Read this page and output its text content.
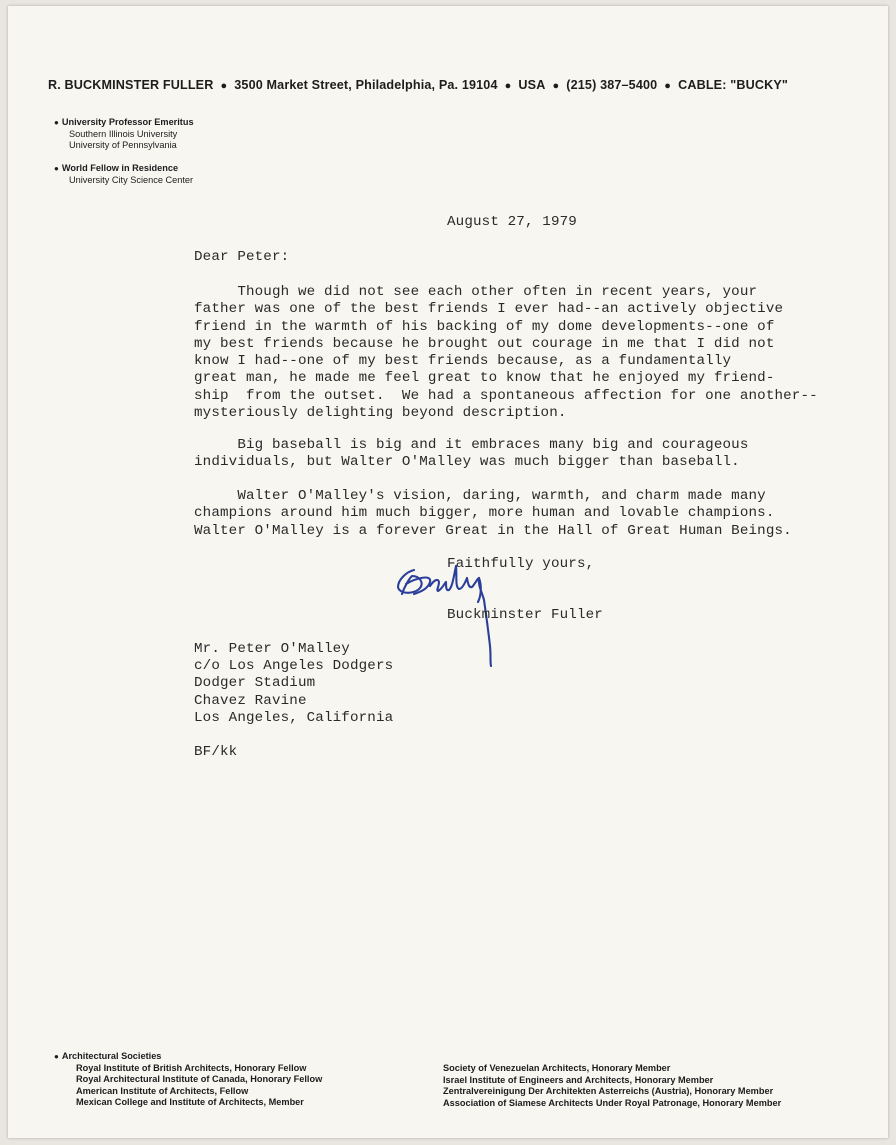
R. BUCKMINSTER FULLER ● 3500 Market Street, Philadelphia, Pa. 19104 ● USA ● (215) 387–5400 ● CABLE: "BUCKY"
● University Professor Emeritus
Southern Illinois University
University of Pennsylvania
● World Fellow in Residence
University City Science Center
August 27, 1979
Dear Peter:
Though we did not see each other often in recent years, your
father was one of the best friends I ever had--an actively objective
friend in the warmth of his backing of my dome developments--one of
my best friends because he brought out courage in me that I did not
know I had--one of my best friends because, as a fundamentally
great man, he made me feel great to know that he enjoyed my friend-
ship  from the outset.  We had a spontaneous affection for one another--
mysteriously delighting beyond description.
Big baseball is big and it embraces many big and courageous
individuals, but Walter O'Malley was much bigger than baseball.
Walter O'Malley's vision, daring, warmth, and charm made many
champions around him much bigger, more human and lovable champions.
Walter O'Malley is a forever Great in the Hall of Great Human Beings.
Faithfully yours,
Buckminster Fuller
Mr. Peter O'Malley
c/o Los Angeles Dodgers
Dodger Stadium
Chavez Ravine
Los Angeles, California
BF/kk
● Architectural Societies
Royal Institute of British Architects, Honorary Fellow
Royal Architectural Institute of Canada, Honorary Fellow
American Institute of Architects, Fellow
Mexican College and Institute of Architects, Member
Society of Venezuelan Architects, Honorary Member
Israel Institute of Engineers and Architects, Honorary Member
Zentralvereinigung Der Architekten Asterreichs (Austria), Honorary Member
Association of Siamese Architects Under Royal Patronage, Honorary Member
